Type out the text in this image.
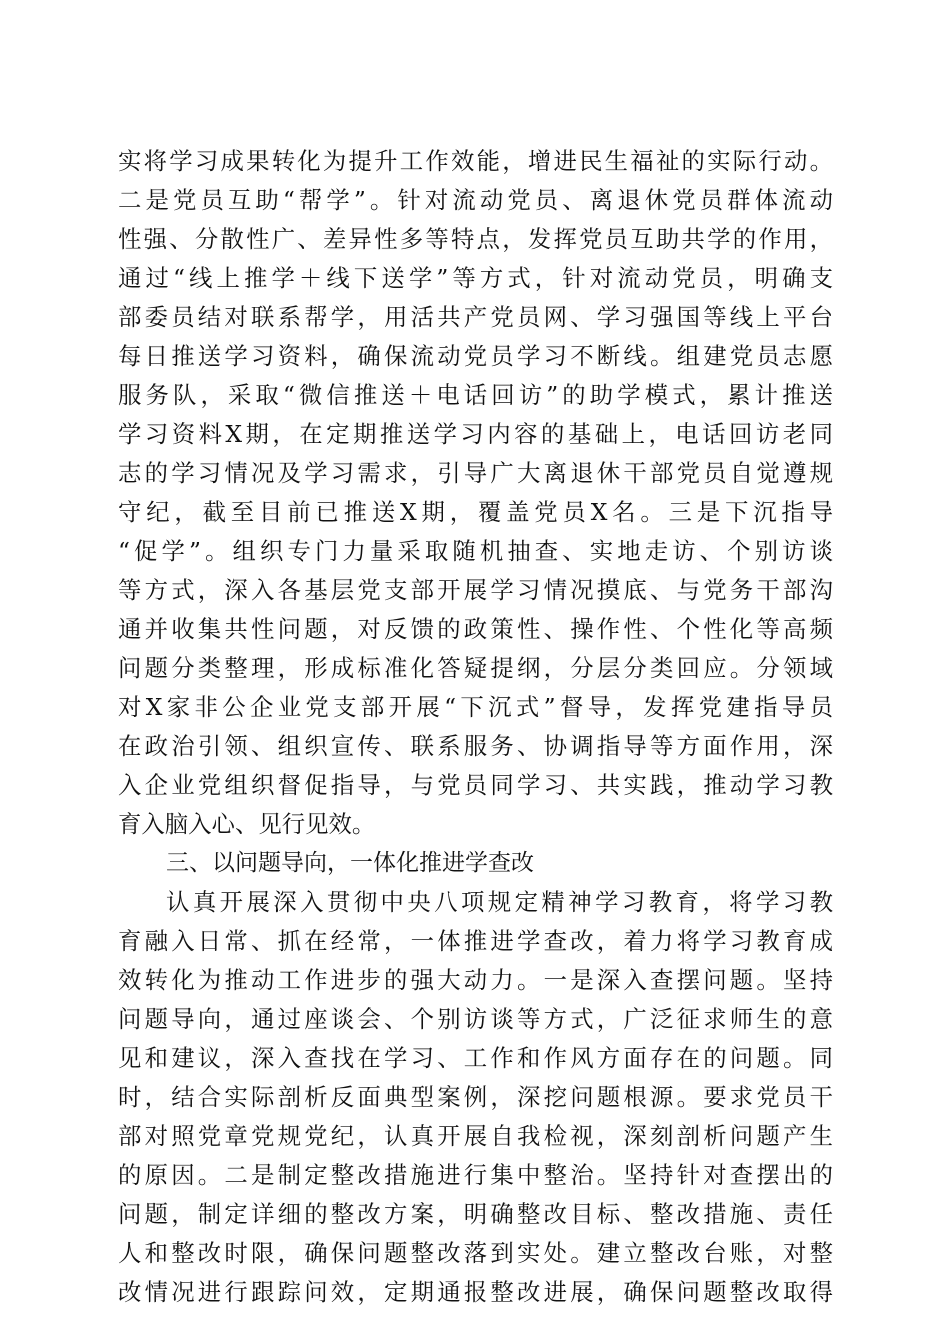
实将学习成果转化为提升工作效能，增进民生福祉的实际行动。
二是党员互助“帮学”。针对流动党员、离退休党员群体流动
性强、分散性广、差异性多等特点，发挥党员互助共学的作用，
通过“线上推学＋线下送学”等方式，针对流动党员，明确支
部委员结对联系帮学，用活共产党员网、学习强国等线上平台
每日推送学习资料，确保流动党员学习不断线。组建党员志愿
服务队，采取“微信推送＋电话回访”的助学模式，累计推送
学习资料X期，在定期推送学习内容的基础上，电话回访老同
志的学习情况及学习需求，引导广大离退休干部党员自觉遵规
守纪，截至目前已推送X期，覆盖党员X名。三是下沉指导
“促学”。组织专门力量采取随机抽查、实地走访、个别访谈
等方式，深入各基层党支部开展学习情况摸底、与党务干部沟
通并收集共性问题，对反馈的政策性、操作性、个性化等高频
问题分类整理，形成标准化答疑提纲，分层分类回应。分领域
对X家非公企业党支部开展“下沉式”督导，发挥党建指导员
在政治引领、组织宣传、联系服务、协调指导等方面作用，深
入企业党组织督促指导，与党员同学习、共实践，推动学习教
育入脑入心、见行见效。
三、以问题导向，一体化推进学查改
认真开展深入贯彻中央八项规定精神学习教育，将学习教
育融入日常、抓在经常，一体推进学查改，着力将学习教育成
效转化为推动工作进步的强大动力。一是深入查摆问题。坚持
问题导向，通过座谈会、个别访谈等方式，广泛征求师生的意
见和建议，深入查找在学习、工作和作风方面存在的问题。同
时，结合实际剖析反面典型案例，深挖问题根源。要求党员干
部对照党章党规党纪，认真开展自我检视，深刻剖析问题产生
的原因。二是制定整改措施进行集中整治。坚持针对查摆出的
问题，制定详细的整改方案，明确整改目标、整改措施、责任
人和整改时限，确保问题整改落到实处。建立整改台账，对整
改情况进行跟踪问效，定期通报整改进展，确保问题整改取得
